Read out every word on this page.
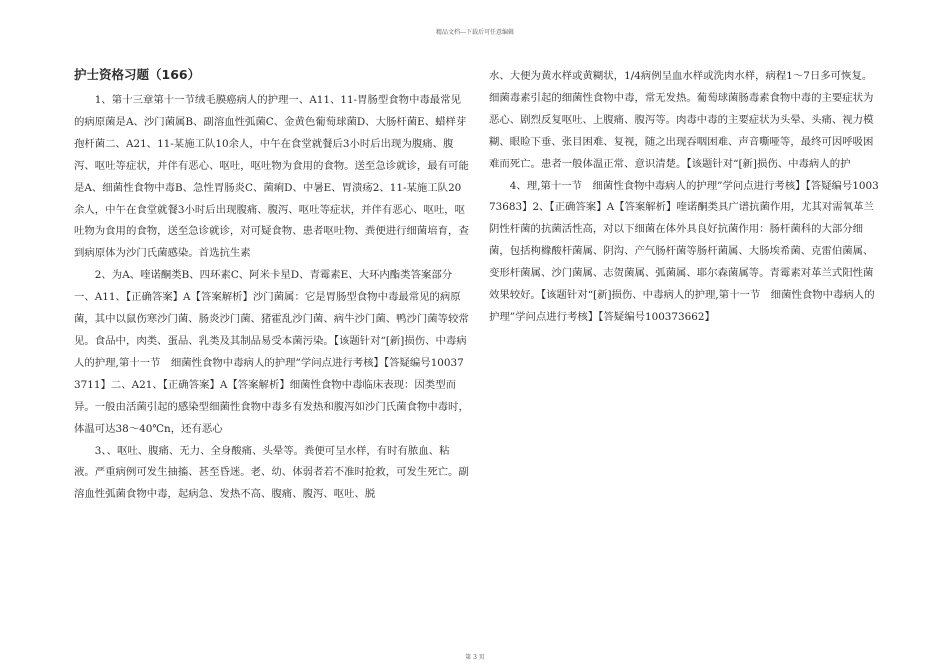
精品文档---下载后可任意编辑
护士资格习题（166）

1、第十三章第十一节绒毛膜癌病人的护理一、A11、11-胃肠型食物中毒最常见的病原菌是A、沙门菌属B、副溶血性弧菌C、金黄色葡萄球菌D、大肠杆菌E、蜡样芽孢杆菌二、A21、11-某施工队10余人，中午在食堂就餐后3小时后出现为腹痛、腹泻、呕吐等症状，并伴有恶心、呕吐，呕吐物为食用的食物。送至急诊就诊，最有可能是A、细菌性食物中毒B、急性胃肠炎C、菌痢D、中暑E、胃溃疡2、11-某施工队20余人，中午在食堂就餐3小时后出现腹痛、腹泻、呕吐等症状，并伴有恶心、呕吐，呕吐物为食用的食物，送至急诊就诊，对可疑食物、患者呕吐物、粪便进行细菌培育，查到病原体为沙门氏菌感染。首选抗生素

2、为A、喹诺酮类B、四环素C、阿米卡星D、青霉素E、大环内酯类答案部分一、A11、【正确答案】A【答案解析】沙门菌属：它是胃肠型食物中毒最常见的病原菌，其中以鼠伤寒沙门菌、肠炎沙门菌、猪霍乱沙门菌、病牛沙门菌、鸭沙门菌等较常见。食品中，肉类、蛋品、乳类及其制品易受本菌污染。【该题针对“[新]损伤、中毒病人的护理,第十一节　细菌性食物中毒病人的护理”学问点进行考核】【答疑编号100373711】二、A21、【正确答案】A【答案解析】细菌性食物中毒临床表现：因类型而异。一般由活菌引起的感染型细菌性食物中毒多有发热和腹泻如沙门氏菌食物中毒时，体温可达38～40℃n，还有恶心

3、、呕吐、腹痛、无力、全身酸痛、头晕等。粪便可呈水样，有时有脓血、粘液。严重病例可发生抽搐、甚至昏迷。老、幼、体弱者若不准时抢救，可发生死亡。副溶血性弧菌食物中毒，起病急、发热不高、腹痛、腹泻、呕吐、脱

水、大便为黄水样或黄糊状，1/4病例呈血水样或洗肉水样，病程1～7日多可恢复。细菌毒素引起的细菌性食物中毒，常无发热。葡萄球菌肠毒素食物中毒的主要症状为恶心、剧烈反复呕吐、上腹痛、腹泻等。肉毒中毒的主要症状为头晕、头痛、视力模糊、眼睑下垂、张目困难、复视，随之出现吞咽困难、声音嘶哑等，最终可因呼吸困难而死亡。患者一般体温正常、意识清楚。【该题针对“[新]损伤、中毒病人的护

4、理,第十一节　细菌性食物中毒病人的护理”学问点进行考核】【答疑编号100373683】2、【正确答案】A【答案解析】喹诺酮类具广谱抗菌作用，尤其对需氧革兰阴性杆菌的抗菌活性高，对以下细菌在体外具良好抗菌作用：肠杆菌科的大部分细菌，包括枸橼酸杆菌属、阴沟、产气肠杆菌等肠杆菌属、大肠埃希菌、克雷伯菌属、变形杆菌属、沙门菌属、志贺菌属、弧菌属、耶尔森菌属等。青霉素对革兰式阳性菌效果较好。【该题针对“[新]损伤、中毒病人的护理,第十一节　细菌性食物中毒病人的护理”学问点进行考核】【答疑编号100373662】

第 3 页
